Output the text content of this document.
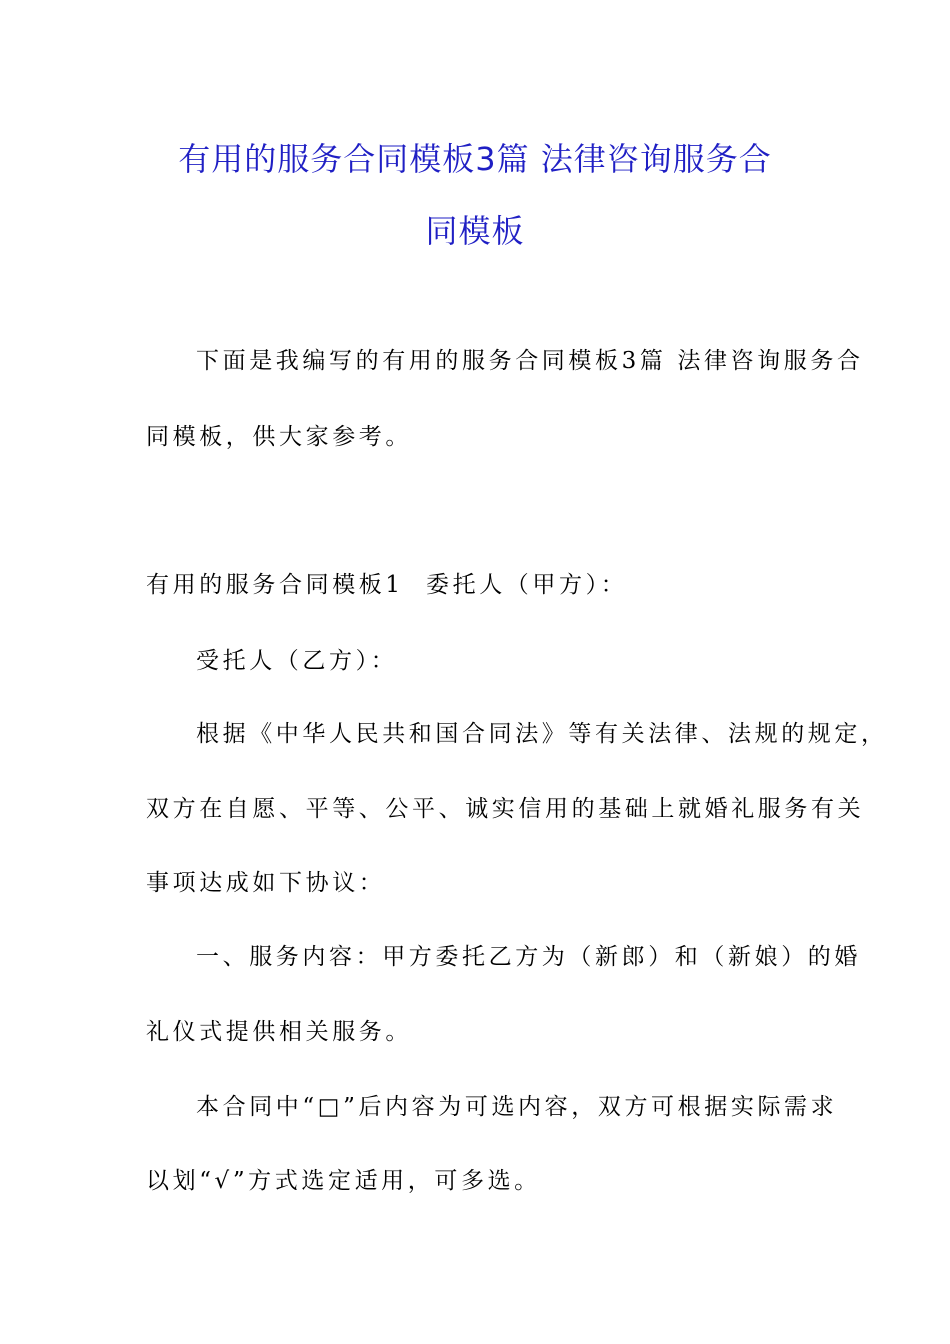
有用的服务合同模板3篇 法律咨询服务合
同模板
下面是我编写的有用的服务合同模板3篇 法律咨询服务合
同模板，供大家参考。
有用的服务合同模板1 委托人（甲方）：
受托人（乙方）：
根据《中华人民共和国合同法》等有关法律、法规的规定，
双方在自愿、平等、公平、诚实信用的基础上就婚礼服务有关
事项达成如下协议：
一、服务内容：甲方委托乙方为（新郎）和（新娘）的婚
礼仪式提供相关服务。
本合同中“□”后内容为可选内容，双方可根据实际需求
以划“√”方式选定适用，可多选。
